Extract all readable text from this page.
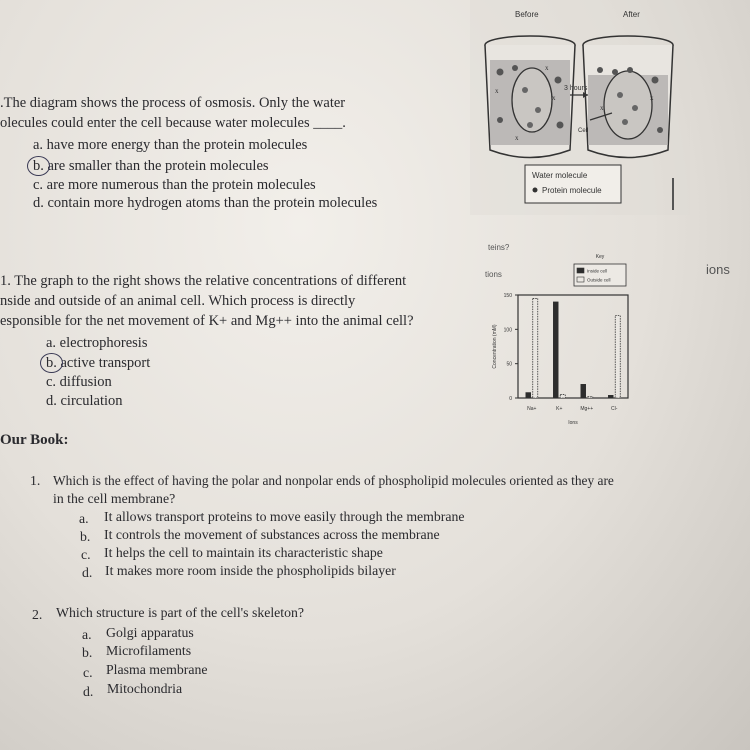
x
x
x
x
x
x
Before	After
3 hours
Cell
Water molecule
Protein molecule
.The diagram shows the process of osmosis. Only the water
olecules could enter the cell because water molecules ____.
a. have more energy than the protein molecules
b. are smaller than the protein molecules
c. are more numerous than the protein molecules
d. contain more hydrogen atoms than the protein molecules
teins?
tions	ions
1. The graph to the right shows the relative concentrations of different
nside and outside of an animal cell. Which process is directly
esponsible for the net movement of K+ and Mg++ into the animal cell?
a. electrophoresis
b. active transport
c. diffusion
d. circulation	0
50
100
150
Concentration (mM)
Na+	K+	Mg++	Cl-
Ions
Key
Inside cell
Outside cell
Our Book:
1. Which is the effect of having the polar and nonpolar ends of phospholipid molecules oriented as they are
in the cell membrane?
a. It allows transport proteins to move easily through the membrane
b. It controls the movement of substances across the membrane
c. It helps the cell to maintain its characteristic shape
d. It makes more room inside the phospholipids bilayer
2. Which structure is part of the cell's skeleton?
a. Golgi apparatus
b. Microfilaments
c. Plasma membrane
d. Mitochondria
